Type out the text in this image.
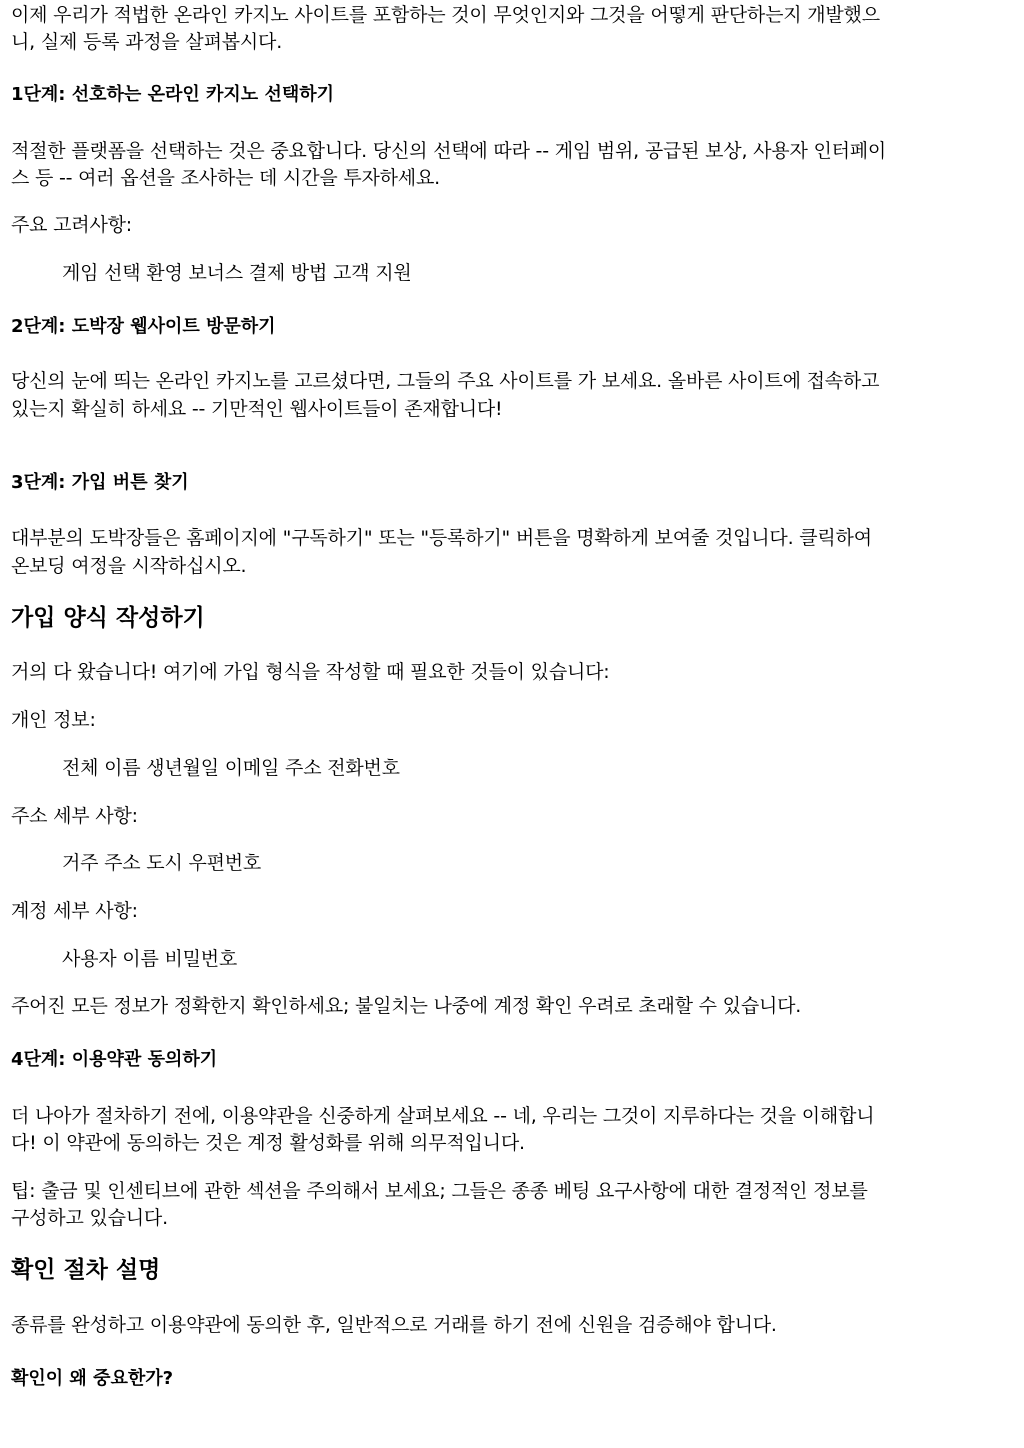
이제 우리가 적법한 온라인 카지노 사이트를 포함하는 것이 무엇인지와 그것을 어떻게 판단하는지 개발했으

니, 실제 등록 과정을 살펴봅시다.

1단계: 선호하는 온라인 카지노 선택하기

적절한 플랫폼을 선택하는 것은 중요합니다. 당신의 선택에 따라 -- 게임 범위, 공급된 보상, 사용자 인터페이

스 등 -- 여러 옵션을 조사하는 데 시간을 투자하세요.

주요 고려사항:

게임 선택 환영 보너스 결제 방법 고객 지원

2단계: 도박장 웹사이트 방문하기

당신의 눈에 띄는 온라인 카지노를 고르셨다면, 그들의 주요 사이트를 가 보세요. 올바른 사이트에 접속하고

있는지 확실히 하세요 -- 기만적인 웹사이트들이 존재합니다!

3단계: 가입 버튼 찾기

대부분의 도박장들은 홈페이지에 "구독하기" 또는 "등록하기" 버튼을 명확하게 보여줄 것입니다. 클릭하여

온보딩 여정을 시작하십시오.

가입 양식 작성하기

거의 다 왔습니다! 여기에 가입 형식을 작성할 때 필요한 것들이 있습니다:

개인 정보:

전체 이름 생년월일 이메일 주소 전화번호

주소 세부 사항:

거주 주소 도시 우편번호

계정 세부 사항:

사용자 이름 비밀번호

주어진 모든 정보가 정확한지 확인하세요; 불일치는 나중에 계정 확인 우려로 초래할 수 있습니다.

4단계: 이용약관 동의하기

더 나아가 절차하기 전에, 이용약관을 신중하게 살펴보세요 -- 네, 우리는 그것이 지루하다는 것을 이해합니

다! 이 약관에 동의하는 것은 계정 활성화를 위해 의무적입니다.

팁: 출금 및 인센티브에 관한 섹션을 주의해서 보세요; 그들은 종종 베팅 요구사항에 대한 결정적인 정보를

구성하고 있습니다.

확인 절차 설명

종류를 완성하고 이용약관에 동의한 후, 일반적으로 거래를 하기 전에 신원을 검증해야 합니다.

확인이 왜 중요한가?
